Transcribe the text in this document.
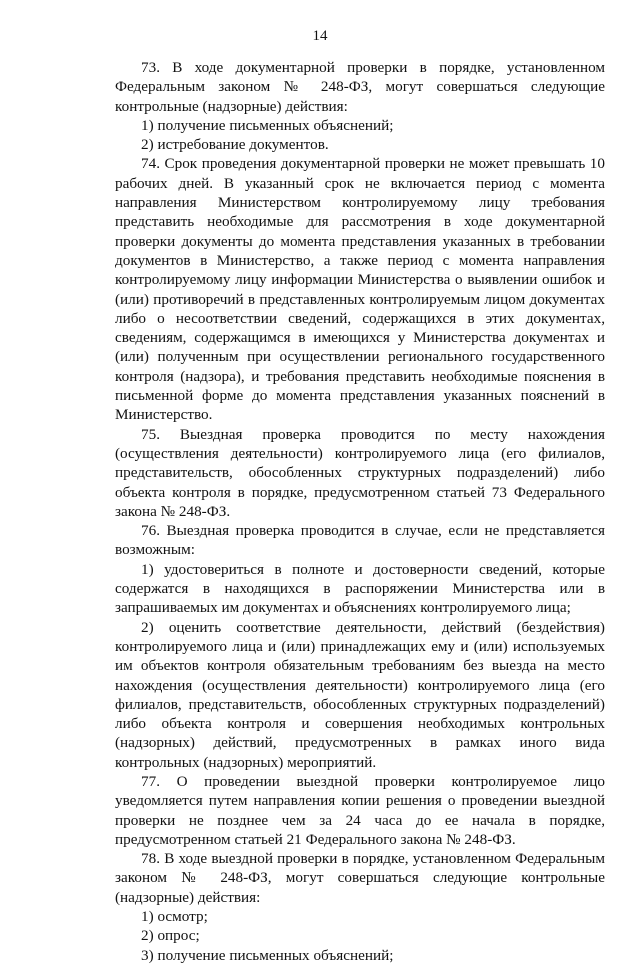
14

73. В ходе документарной проверки в порядке, установленном Федеральным законом № 248-ФЗ, могут совершаться следующие контрольные (надзорные) действия:

1) получение письменных объяснений;

2) истребование документов.

74. Срок проведения документарной проверки не может превышать 10 рабочих дней. В указанный срок не включается период с момента направления Министерством контролируемому лицу требования представить необходимые для рассмотрения в ходе документарной проверки документы до момента представления указанных в требовании документов в Министерство, а также период с момента направления контролируемому лицу информации Министерства о выявлении ошибок и (или) противоречий в представленных контролируемым лицом документах либо о несоответствии сведений, содержащихся в этих документах, сведениям, содержащимся в имеющихся у Министерства документах и (или) полученным при осуществлении регионального государственного контроля (надзора), и требования представить необходимые пояснения в письменной форме до момента представления указанных пояснений в Министерство.

75. Выездная проверка проводится по месту нахождения (осуществления деятельности) контролируемого лица (его филиалов, представительств, обособленных структурных подразделений) либо объекта контроля в порядке, предусмотренном статьей 73 Федерального закона № 248-ФЗ.

76. Выездная проверка проводится в случае, если не представляется возможным:

1) удостовериться в полноте и достоверности сведений, которые содержатся в находящихся в распоряжении Министерства или в запрашиваемых им документах и объяснениях контролируемого лица;

2) оценить соответствие деятельности, действий (бездействия) контролируемого лица и (или) принадлежащих ему и (или) используемых им объектов контроля обязательным требованиям без выезда на место нахождения (осуществления деятельности) контролируемого лица (его филиалов, представительств, обособленных структурных подразделений) либо объекта контроля и совершения необходимых контрольных (надзорных) действий, предусмотренных в рамках иного вида контрольных (надзорных) мероприятий.

77. О проведении выездной проверки контролируемое лицо уведомляется путем направления копии решения о проведении выездной проверки не позднее чем за 24 часа до ее начала в порядке, предусмотренном статьей 21 Федерального закона № 248-ФЗ.

78. В ходе выездной проверки в порядке, установленном Федеральным законом № 248-ФЗ, могут совершаться следующие контрольные (надзорные) действия:

1) осмотр;

2) опрос;

3) получение письменных объяснений;
